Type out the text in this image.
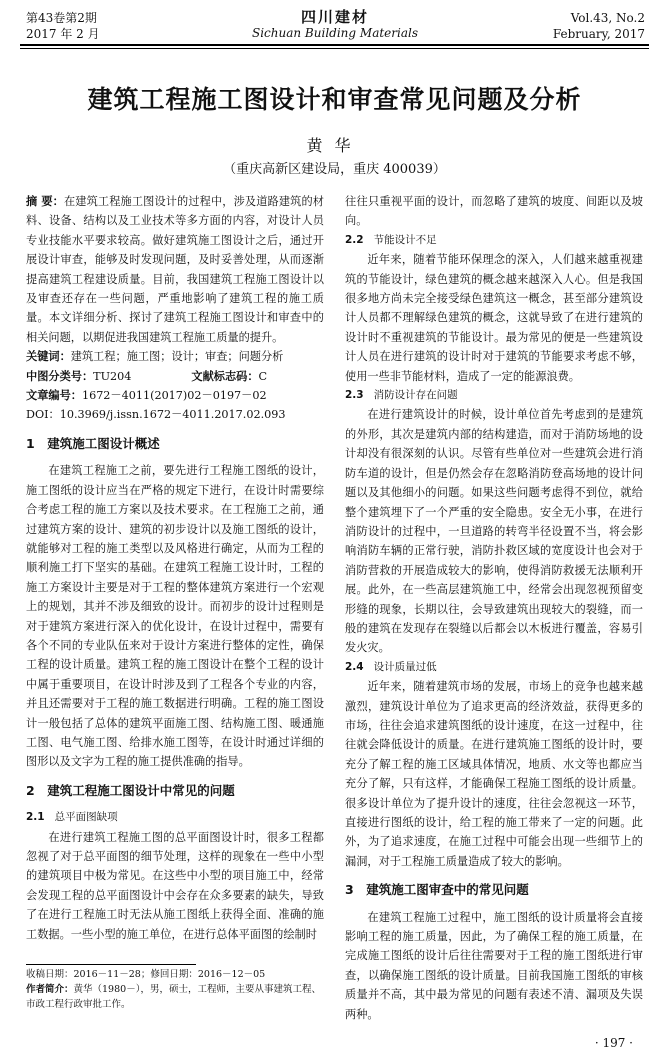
第43卷第2期
2017 年 2 月
四川建材
Sichuan Building Materials
Vol.43, No.2
February, 2017
建筑工程施工图设计和审查常见问题及分析
黄华
（重庆高新区建设局，重庆 400039）

摘 要：在建筑工程施工图设计的过程中，涉及道路建筑的材料、设备、结构以及工业技术等多方面的内容，对设计人员专业技能水平要求较高。做好建筑施工图设计之后，通过开展设计审查，能够及时发现问题，及时妥善处理，从而逐渐提高建筑工程建设质量。目前，我国建筑工程施工图设计以及审查还存在一些问题，严重地影响了建筑工程的施工质量。本文详细分析、探讨了建筑工程施工图设计和审查中的相关问题，以期促进我国建筑工程施工质量的提升。

关键词：建筑工程；施工图；设计；审查；问题分析

中图分类号：TU204	文献标志码：C

文章编号：1672－4011(2017)02－0197－02

DOI：10.3969/j.issn.1672－4011.2017.02.093

1　建筑施工图设计概述

在建筑工程施工之前，要先进行工程施工图纸的设计，施工图纸的设计应当在严格的规定下进行，在设计时需要综合考虑工程的施工方案以及技术要求。在工程施工之前，通过建筑方案的设计、建筑的初步设计以及施工图纸的设计，就能够对工程的施工类型以及风格进行确定，从而为工程的顺利施工打下坚实的基础。在建筑工程施工设计时，工程的施工方案设计主要是对于工程的整体建筑方案进行一个宏观上的规划，其并不涉及细致的设计。而初步的设计过程则是对于建筑方案进行深入的优化设计，在设计过程中，需要有各个不同的专业队伍来对于设计方案进行整体的定性，确保工程的设计质量。建筑工程的施工图设计在整个工程的设计中属于重要项目，在设计时涉及到了工程各个专业的内容，并且还需要对于工程的施工数据进行明确。工程的施工图设计一般包括了总体的建筑平面施工图、结构施工图、暖通施工图、电气施工图、给排水施工图等，在设计时通过详细的图形以及文字为工程的施工提供准确的指导。

2　建筑工程施工图设计中常见的问题
2.1 总平面图缺项

在进行建筑工程施工图的总平面图设计时，很多工程都忽视了对于总平面图的细节处理，这样的现象在一些中小型的建筑项目中极为常见。在这些中小型的项目施工中，经常会发现工程的总平面图设计中会存在众多要素的缺失，导致了在进行工程施工时无法从施工图纸上获得全面、准确的施工数据。一些小型的施工单位，在进行总体平面图的绘制时

收稿日期：2016－11－28；修回日期：2016－12－05
作者简介：黄华（1980－），男，硕士，工程师，主要从事建筑工程、市政工程行政审批工作。

往往只重视平面的设计，而忽略了建筑的坡度、间距以及坡向。

2.2 节能设计不足

近年来，随着节能环保理念的深入，人们越来越重视建筑的节能设计，绿色建筑的概念越来越深入人心。但是我国很多地方尚未完全接受绿色建筑这一概念，甚至部分建筑设计人员都不理解绿色建筑的概念，这就导致了在进行建筑的设计时不重视建筑的节能设计。最为常见的便是一些建筑设计人员在进行建筑的设计时对于建筑的节能要求考虑不够，使用一些非节能材料，造成了一定的能源浪费。

2.3 消防设计存在问题

在进行建筑设计的时候，设计单位首先考虑到的是建筑的外形，其次是建筑内部的结构建造，而对于消防场地的设计却没有很深刻的认识。尽管有些单位对一些建筑会进行消防车道的设计，但是仍然会存在忽略消防登高场地的设计问题以及其他细小的问题。如果这些问题考虑得不到位，就给整个建筑埋下了一个严重的安全隐患。安全无小事，在进行消防设计的过程中，一旦道路的转弯半径设置不当，将会影响消防车辆的正常行驶，消防扑救区域的宽度设计也会对于消防营救的开展造成较大的影响，使得消防救援无法顺利开展。此外，在一些高层建筑施工中，经常会出现忽视预留变形缝的现象，长期以往，会导致建筑出现较大的裂缝，而一般的建筑在发现存在裂缝以后都会以木板进行覆盖，容易引发火灾。

2.4 设计质量过低

近年来，随着建筑市场的发展，市场上的竞争也越来越激烈，建筑设计单位为了追求更高的经济效益，获得更多的市场，往往会追求建筑图纸的设计速度，在这一过程中，往往就会降低设计的质量。在进行建筑施工图纸的设计时，要充分了解工程的施工区域具体情况，地质、水文等也都应当充分了解，只有这样，才能确保工程施工图纸的设计质量。很多设计单位为了提升设计的速度，往往会忽视这一环节，直接进行图纸的设计，给工程的施工带来了一定的问题。此外，为了追求速度，在施工过程中可能会出现一些细节上的漏洞，对于工程施工质量造成了较大的影响。

3　建筑施工图审查中的常见问题

在建筑工程施工过程中，施工图纸的设计质量将会直接影响工程的施工质量，因此，为了确保工程的施工质量，在完成施工图纸的设计后往往需要对于工程的施工图纸进行审查，以确保施工图纸的设计质量。目前我国施工图纸的审核质量并不高，其中最为常见的问题有表述不清、漏项及失误两种。

· 197 ·
